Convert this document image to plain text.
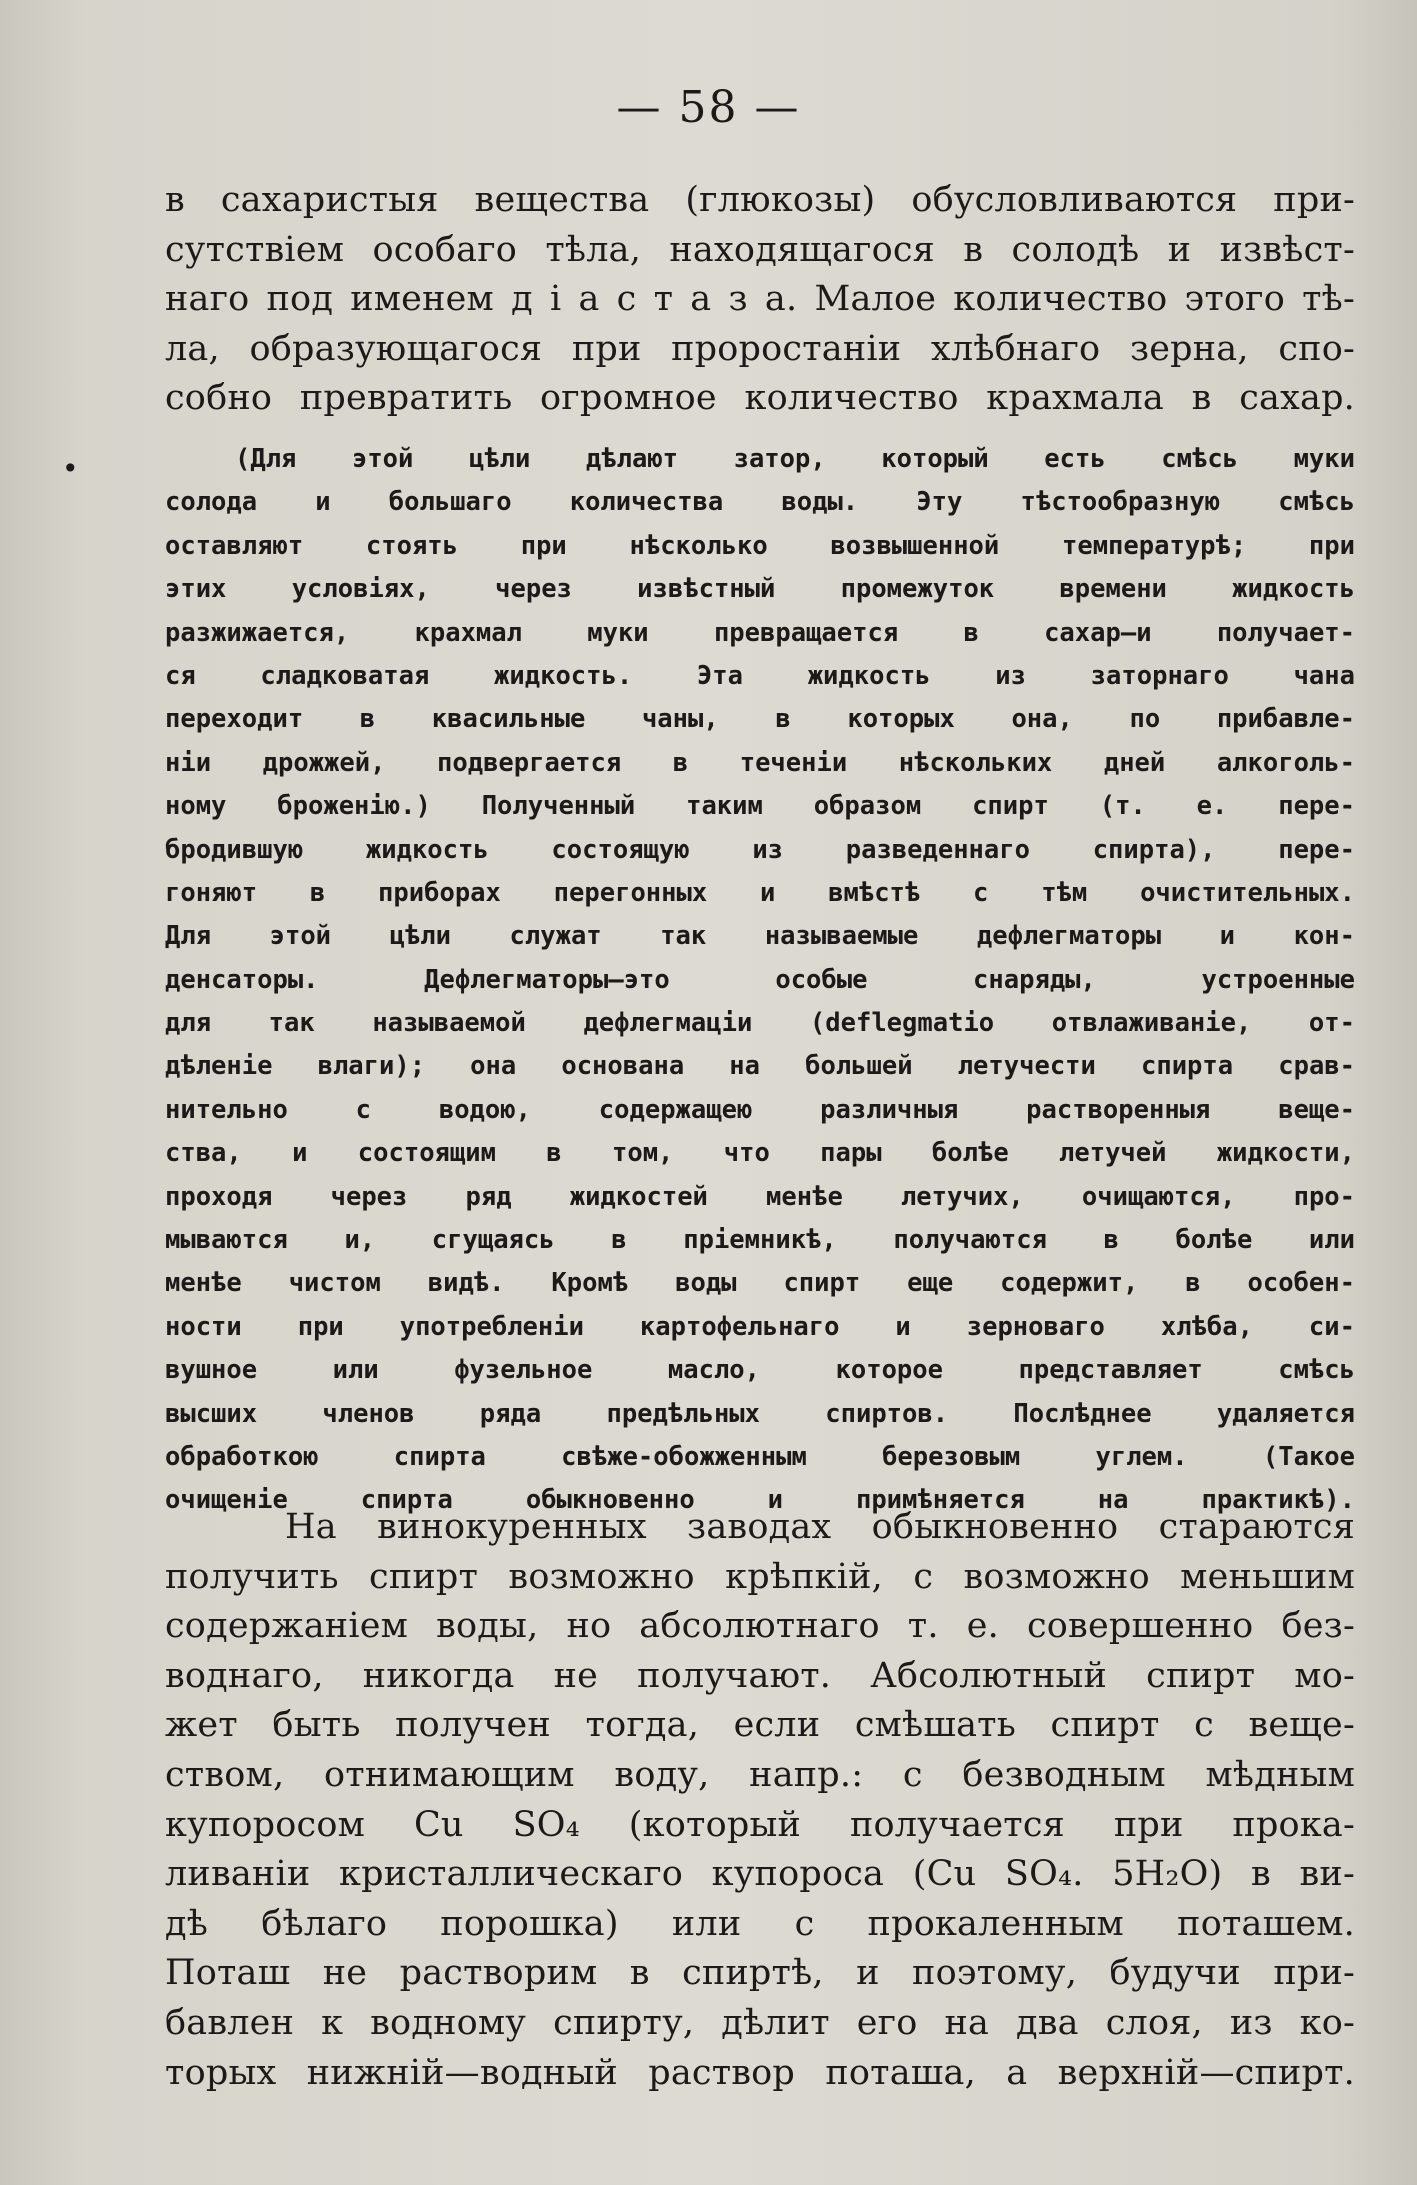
— 58 —
•
в сахаристыя вещества (глюкозы) обусловливаются при-
сутствіем особаго тѣла, находящагося в солодѣ и извѣст-
наго под именем д і а с т а з а. Малое количество этого тѣ-
ла, образующагося при проростаніи хлѣбнаго зерна, спо-
собно превратить огромное количество крахмала в сахар.
(Для этой цѣли дѣлают затор, который есть смѣсь муки
солода и большаго количества воды. Эту тѣстообразную смѣсь
оставляют стоять при нѣсколько возвышенной температурѣ; при
этих условіях, через извѣстный промежуток времени жидкость
разжижается, крахмал муки превращается в сахар—и получает-
ся сладковатая жидкость. Эта жидкость из заторнаго чана
переходит в квасильные чаны, в которых она, по прибавле-
ніи дрожжей, подвергается в теченіи нѣскольких дней алкоголь-
ному броженію.) Полученный таким образом спирт (т. е. пере-
бродившую жидкость состоящую из разведеннаго спирта), пере-
гоняют в приборах перегонных и вмѣстѣ с тѣм очистительных.
Для этой цѣли служат так называемые дефлегматоры и кон-
денсаторы. Дефлегматоры—это особые снаряды, устроенные
для так называемой дефлегмаціи (deflegmatio отвлаживаніе, от-
дѣленіе влаги); она основана на большей летучести спирта срав-
нительно с водою, содержащею различныя растворенныя веще-
ства, и состоящим в том, что пары болѣе летучей жидкости,
проходя через ряд жидкостей менѣе летучих, очищаются, про-
мываются и, сгущаясь в пріемникѣ, получаются в болѣе или
менѣе чистом видѣ. Кромѣ воды спирт еще содержит, в особен-
ности при употребленіи картофельнаго и зерноваго хлѣба, си-
вушное или фузельное масло, которое представляет смѣсь
высших членов ряда предѣльных спиртов. Послѣднее удаляется
обработкою спирта свѣже-обожженным березовым углем. (Такое
очищеніе спирта обыкновенно и примѣняется на практикѣ).
На винокуренных заводах обыкновенно стараются
получить спирт возможно крѣпкій, с возможно меньшим
содержаніем воды, но абсолютнаго т. е. совершенно без-
воднаго, никогда не получают. Абсолютный спирт мо-
жет быть получен тогда, если смѣшать спирт с веще-
ством, отнимающим воду, напр.: с безводным мѣдным
купоросом Cu SO₄ (который получается при прока-
ливаніи кристаллическаго купороса (Cu SO₄. 5H₂O) в ви-
дѣ бѣлаго порошка) или с прокаленным поташем.
Поташ не растворим в спиртѣ, и поэтому, будучи при-
бавлен к водному спирту, дѣлит его на два слоя, из ко-
торых нижній—водный раствор поташа, а верхній—спирт.
